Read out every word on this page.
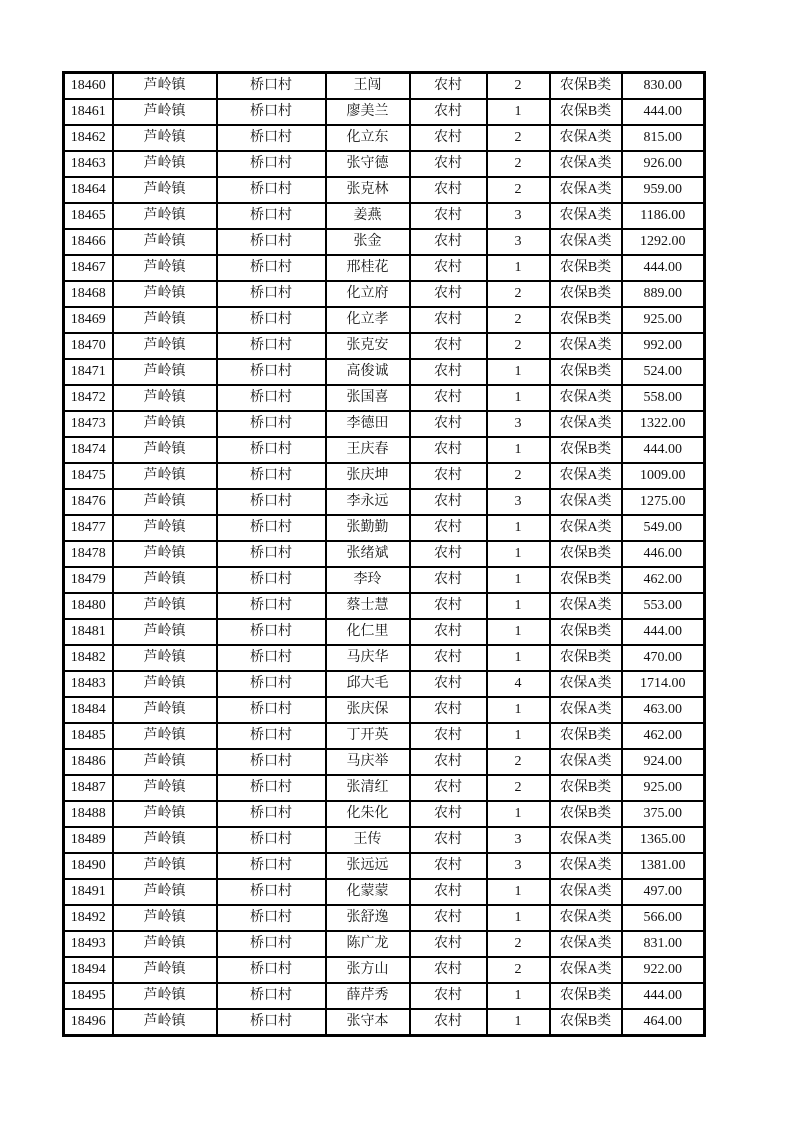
18460	芦岭镇	桥口村	王闯	农村	2	农保B类	830.00
18461	芦岭镇	桥口村	廖美兰	农村	1	农保B类	444.00
18462	芦岭镇	桥口村	化立东	农村	2	农保A类	815.00
18463	芦岭镇	桥口村	张守德	农村	2	农保A类	926.00
18464	芦岭镇	桥口村	张克林	农村	2	农保A类	959.00
18465	芦岭镇	桥口村	姜燕	农村	3	农保A类	1186.00
18466	芦岭镇	桥口村	张金	农村	3	农保A类	1292.00
18467	芦岭镇	桥口村	邢桂花	农村	1	农保B类	444.00
18468	芦岭镇	桥口村	化立府	农村	2	农保B类	889.00
18469	芦岭镇	桥口村	化立孝	农村	2	农保B类	925.00
18470	芦岭镇	桥口村	张克安	农村	2	农保A类	992.00
18471	芦岭镇	桥口村	高俊诚	农村	1	农保B类	524.00
18472	芦岭镇	桥口村	张国喜	农村	1	农保A类	558.00
18473	芦岭镇	桥口村	李德田	农村	3	农保A类	1322.00
18474	芦岭镇	桥口村	王庆春	农村	1	农保B类	444.00
18475	芦岭镇	桥口村	张庆坤	农村	2	农保A类	1009.00
18476	芦岭镇	桥口村	李永远	农村	3	农保A类	1275.00
18477	芦岭镇	桥口村	张勤勤	农村	1	农保A类	549.00
18478	芦岭镇	桥口村	张绪斌	农村	1	农保B类	446.00
18479	芦岭镇	桥口村	李玲	农村	1	农保B类	462.00
18480	芦岭镇	桥口村	蔡士慧	农村	1	农保A类	553.00
18481	芦岭镇	桥口村	化仁里	农村	1	农保B类	444.00
18482	芦岭镇	桥口村	马庆华	农村	1	农保B类	470.00
18483	芦岭镇	桥口村	邱大毛	农村	4	农保A类	1714.00
18484	芦岭镇	桥口村	张庆保	农村	1	农保A类	463.00
18485	芦岭镇	桥口村	丁开英	农村	1	农保B类	462.00
18486	芦岭镇	桥口村	马庆举	农村	2	农保A类	924.00
18487	芦岭镇	桥口村	张清红	农村	2	农保B类	925.00
18488	芦岭镇	桥口村	化朱化	农村	1	农保B类	375.00
18489	芦岭镇	桥口村	王传	农村	3	农保A类	1365.00
18490	芦岭镇	桥口村	张远远	农村	3	农保A类	1381.00
18491	芦岭镇	桥口村	化蒙蒙	农村	1	农保A类	497.00
18492	芦岭镇	桥口村	张舒逸	农村	1	农保A类	566.00
18493	芦岭镇	桥口村	陈广龙	农村	2	农保A类	831.00
18494	芦岭镇	桥口村	张方山	农村	2	农保A类	922.00
18495	芦岭镇	桥口村	薛芹秀	农村	1	农保B类	444.00
18496	芦岭镇	桥口村	张守本	农村	1	农保B类	464.00
